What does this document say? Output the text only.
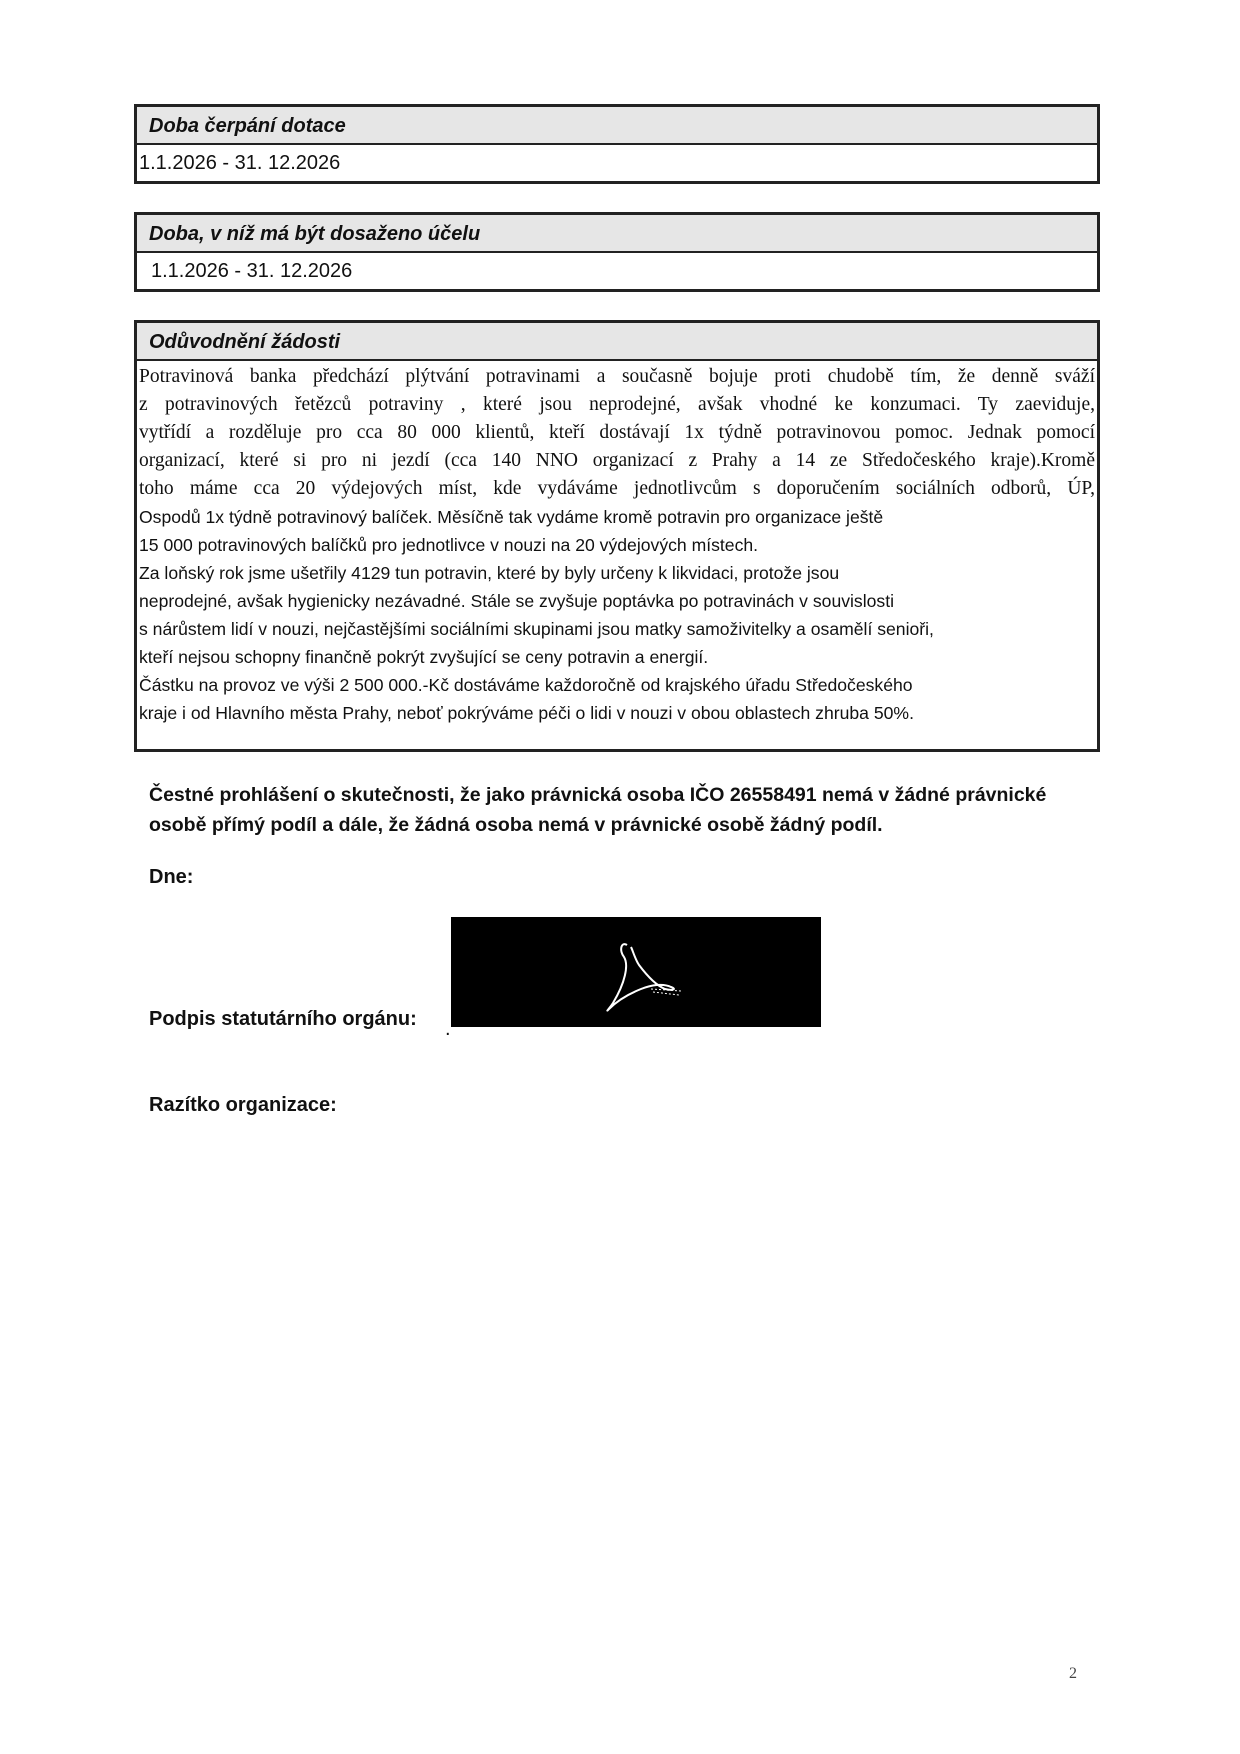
Doba čerpání dotace
1.1.2026 - 31. 12.2026
Doba, v níž má být dosaženo účelu
1.1.2026 - 31. 12.2026
Odůvodnění žádosti
Potravinová banka předchází plýtvání potravinami a současně bojuje proti chudobě tím, že denně sváží
z potravinových řetězců potraviny , které jsou neprodejné, avšak vhodné ke konzumaci. Ty zaeviduje,
vytřídí a rozděluje pro cca 80 000 klientů, kteří dostávají 1x týdně potravinovou pomoc. Jednak pomocí
organizací, které si pro ni jezdí (cca 140 NNO organizací z Prahy a 14 ze Středočeského kraje).Kromě
toho máme cca 20 výdejových míst, kde vydáváme jednotlivcům s doporučením sociálních odborů, ÚP,
Ospodů 1x týdně potravinový balíček. Měsíčně tak vydáme kromě potravin pro organizace ještě
15 000 potravinových balíčků pro jednotlivce v nouzi na 20 výdejových místech.
Za loňský rok jsme ušetřily 4129 tun potravin, které by byly určeny k likvidaci, protože jsou
neprodejné, avšak hygienicky nezávadné. Stále se zvyšuje poptávka po potravinách v souvislosti
s nárůstem lidí v nouzi, nejčastějšími sociálními skupinami jsou matky samoživitelky a osamělí senioři,
kteří nejsou schopny finančně pokrýt zvyšující se ceny potravin a energií.
Částku na provoz ve výši 2 500 000.-Kč dostáváme každoročně od krajského úřadu Středočeského
kraje i od Hlavního města Prahy, neboť pokrýváme péči o lidi v nouzi v obou oblastech zhruba 50%.
Čestné prohlášení o skutečnosti, že jako právnická osoba IČO 26558491 nemá v žádné právnické
osobě přímý podíl a dále, že žádná osoba nemá v právnické osobě žádný podíl.
Dne:
Podpis statutárního orgánu: .
Razítko organizace:
2
